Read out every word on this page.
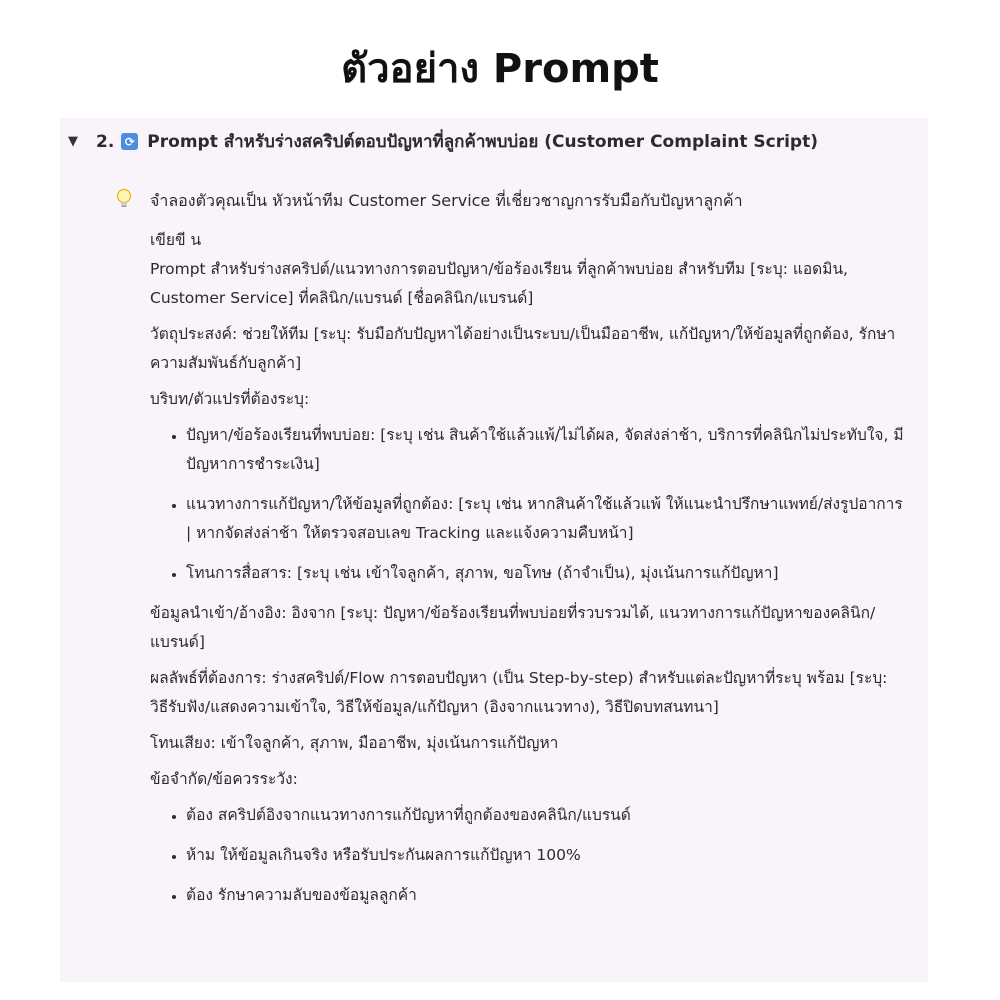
ตัวอย่าง Prompt
▼	2. ⟳ Prompt สำหรับร่างสคริปต์ตอบปัญหาที่ลูกค้าพบบ่อย (Customer Complaint Script)
จำลองตัวคุณเป็น หัวหน้าทีม Customer Service ที่เชี่ยวชาญการรับมือกับปัญหาลูกค้า

เขียขี น
Prompt สำหรับร่างสคริปต์/แนวทางการตอบปัญหา/ข้อร้องเรียน ที่ลูกค้าพบบ่อย สำหรับทีม [ระบุ: แอดมิน, Customer Service] ที่คลินิก/แบรนด์ [ชื่อคลินิก/แบรนด์]

วัตถุประสงค์: ช่วยให้ทีม [ระบุ: รับมือกับปัญหาได้อย่างเป็นระบบ/เป็นมืออาชีพ, แก้ปัญหา/ให้ข้อมูลที่ถูกต้อง, รักษาความสัมพันธ์กับลูกค้า]

บริบท/ตัวแปรที่ต้องระบุ:

• ปัญหา/ข้อร้องเรียนที่พบบ่อย: [ระบุ เช่น สินค้าใช้แล้วแพ้/ไม่ได้ผล, จัดส่งล่าช้า, บริการที่คลินิกไม่ประทับใจ, มีปัญหาการชำระเงิน]
• แนวทางการแก้ปัญหา/ให้ข้อมูลที่ถูกต้อง: [ระบุ เช่น หากสินค้าใช้แล้วแพ้ ให้แนะนำปรึกษาแพทย์/ส่งรูปอาการ | หากจัดส่งล่าช้า ให้ตรวจสอบเลข Tracking และแจ้งความคืบหน้า]
• โทนการสื่อสาร: [ระบุ เช่น เข้าใจลูกค้า, สุภาพ, ขอโทษ (ถ้าจำเป็น), มุ่งเน้นการแก้ปัญหา]

ข้อมูลนำเข้า/อ้างอิง: อิงจาก [ระบุ: ปัญหา/ข้อร้องเรียนที่พบบ่อยที่รวบรวมได้, แนวทางการแก้ปัญหาของคลินิก/แบรนด์]

ผลลัพธ์ที่ต้องการ: ร่างสคริปต์/Flow การตอบปัญหา (เป็น Step-by-step) สำหรับแต่ละปัญหาที่ระบุ พร้อม [ระบุ: วิธีรับฟัง/แสดงความเข้าใจ, วิธีให้ข้อมูล/แก้ปัญหา (อิงจากแนวทาง), วิธีปิดบทสนทนา]

โทนเสียง: เข้าใจลูกค้า, สุภาพ, มืออาชีพ, มุ่งเน้นการแก้ปัญหา

ข้อจำกัด/ข้อควรระวัง:

• ต้อง สคริปต์อิงจากแนวทางการแก้ปัญหาที่ถูกต้องของคลินิก/แบรนด์
• ห้าม ให้ข้อมูลเกินจริง หรือรับประกันผลการแก้ปัญหา 100%
• ต้อง รักษาความลับของข้อมูลลูกค้า
